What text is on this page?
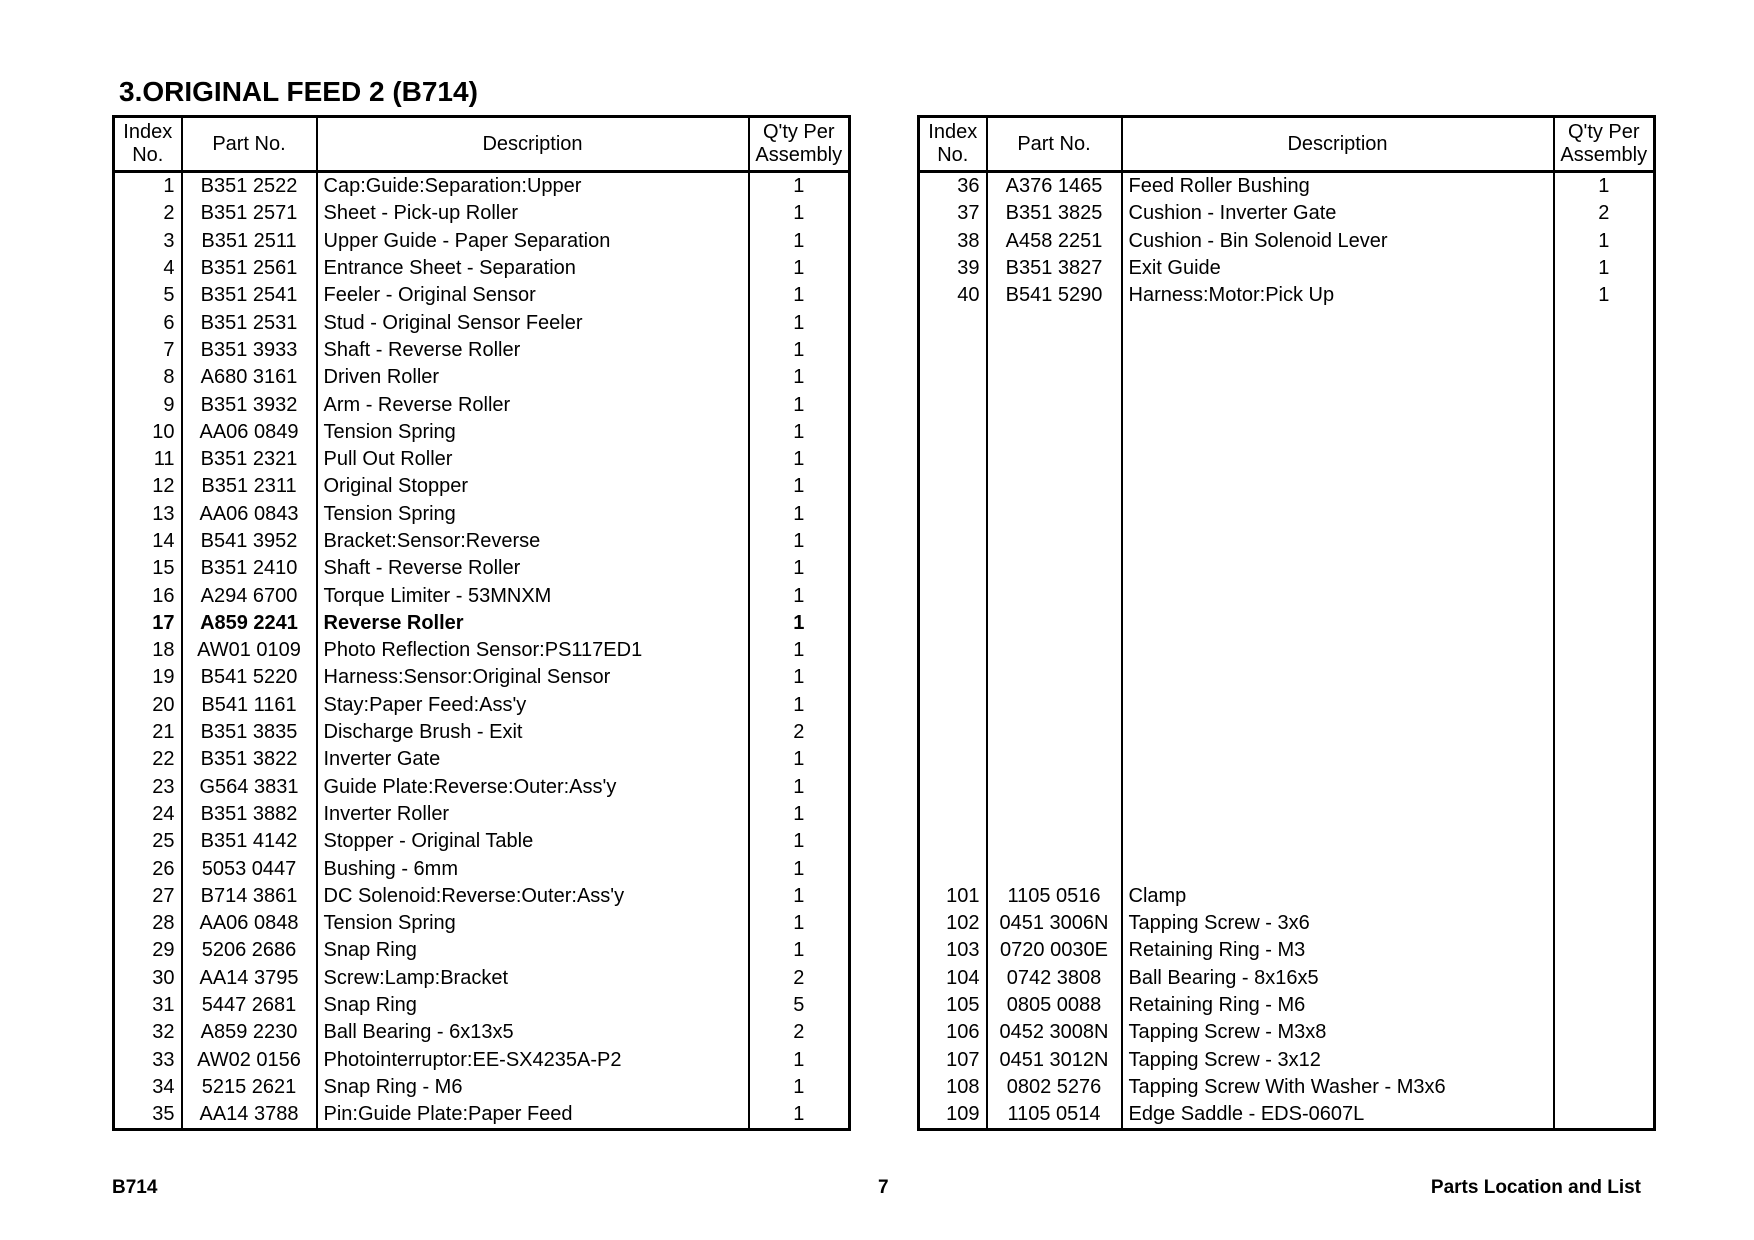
3.ORIGINAL FEED 2 (B714)
Index
No.	Part No.	Description	Q'ty Per
Assembly
1	B351 2522	Cap:Guide:Separation:Upper	1
2	B351 2571	Sheet - Pick-up Roller	1
3	B351 2511	Upper Guide - Paper Separation	1
4	B351 2561	Entrance Sheet - Separation	1
5	B351 2541	Feeler - Original Sensor	1
6	B351 2531	Stud - Original Sensor Feeler	1
7	B351 3933	Shaft - Reverse Roller	1
8	A680 3161	Driven Roller	1
9	B351 3932	Arm - Reverse Roller	1
10	AA06 0849	Tension Spring	1
11	B351 2321	Pull Out Roller	1
12	B351 2311	Original Stopper	1
13	AA06 0843	Tension Spring	1
14	B541 3952	Bracket:Sensor:Reverse	1
15	B351 2410	Shaft - Reverse Roller	1
16	A294 6700	Torque Limiter - 53MNXM	1
17	A859 2241	Reverse Roller	1
18	AW01 0109	Photo Reflection Sensor:PS117ED1	1
19	B541 5220	Harness:Sensor:Original Sensor	1
20	B541 1161	Stay:Paper Feed:Ass'y	1
21	B351 3835	Discharge Brush - Exit	2
22	B351 3822	Inverter Gate	1
23	G564 3831	Guide Plate:Reverse:Outer:Ass'y	1
24	B351 3882	Inverter Roller	1
25	B351 4142	Stopper - Original Table	1
26	5053 0447	Bushing - 6mm	1
27	B714 3861	DC Solenoid:Reverse:Outer:Ass'y	1
28	AA06 0848	Tension Spring	1
29	5206 2686	Snap Ring	1
30	AA14 3795	Screw:Lamp:Bracket	2
31	5447 2681	Snap Ring	5
32	A859 2230	Ball Bearing - 6x13x5	2
33	AW02 0156	Photointerruptor:EE-SX4235A-P2	1
34	5215 2621	Snap Ring - M6	1
35	AA14 3788	Pin:Guide Plate:Paper Feed	1
Index
No.	Part No.	Description	Q'ty Per
Assembly
36	A376 1465	Feed Roller Bushing	1
37	B351 3825	Cushion - Inverter Gate	2
38	A458 2251	Cushion - Bin Solenoid Lever	1
39	B351 3827	Exit Guide	1
40	B541 5290	Harness:Motor:Pick Up	1

101	1105 0516	Clamp	
102	0451 3006N	Tapping Screw - 3x6	
103	0720 0030E	Retaining Ring - M3	
104	0742 3808	Ball Bearing - 8x16x5	
105	0805 0088	Retaining Ring - M6	
106	0452 3008N	Tapping Screw - M3x8	
107	0451 3012N	Tapping Screw - 3x12	
108	0802 5276	Tapping Screw With Washer - M3x6	
109	1105 0514	Edge Saddle - EDS-0607L	
B714	7	Parts Location and List
